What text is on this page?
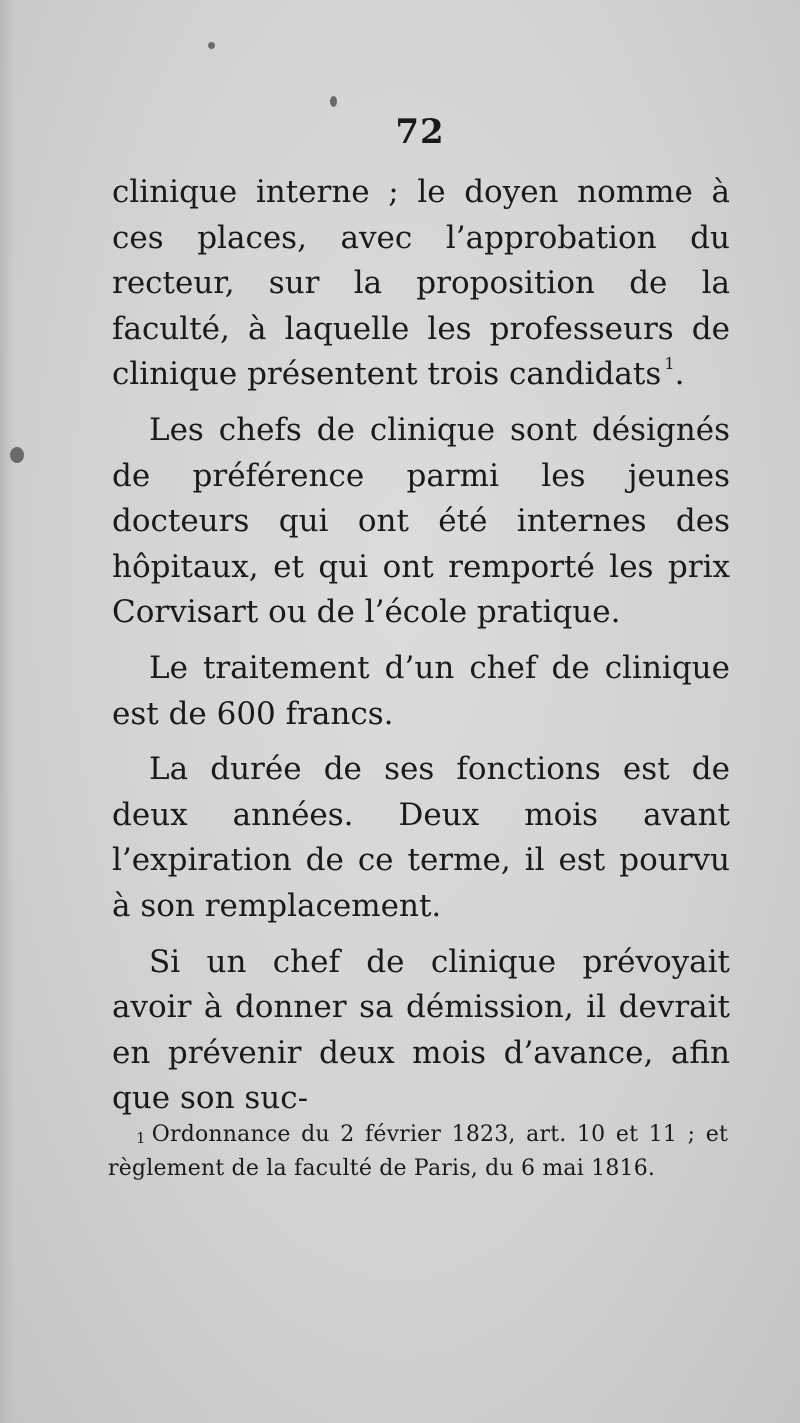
72

clinique interne ; le doyen nomme à ces places, avec l’approbation du recteur, sur la proposition de la faculté, à laquelle les professeurs de clinique présentent trois candidats  $^1$.

Les chefs de clinique sont désignés de préférence parmi les jeunes docteurs qui ont été internes des hôpitaux, et qui ont remporté les prix Corvisart ou de l’école pratique.

Le traitement d’un chef de clinique est de 600 francs.

La durée de ses fonctions est de deux années. Deux mois avant l’expiration de ce terme, il est pourvu à son remplacement.

Si un chef de clinique prévoyait avoir à donner sa démission, il devrait en prévenir deux mois d’avance, afin que son suc-

$^1$ Ordonnance du 2 février 1823, art. 10 et 11 ; et règlement de la faculté de Paris, du 6 mai 1816.
